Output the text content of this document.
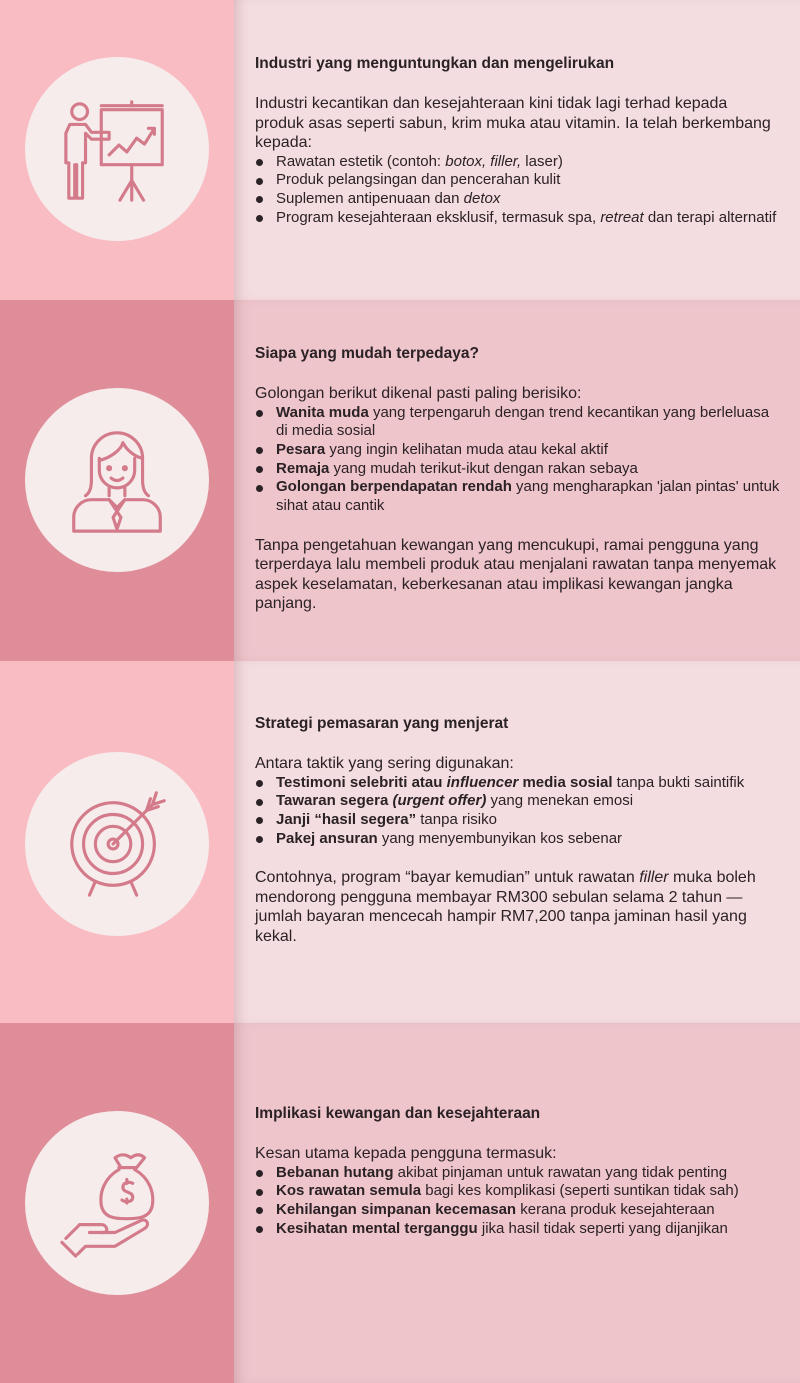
Industri yang menguntungkan dan mengelirukan
Industri kecantikan dan kesejahteraan kini tidak lagi terhad kepada produk asas seperti sabun, krim muka atau vitamin. Ia telah berkembang kepada:
Rawatan estetik (contoh: botox, filler, laser)
Produk pelangsingan dan pencerahan kulit
Suplemen antipenuaan dan detox
Program kesejahteraan eksklusif, termasuk spa, retreat dan terapi alternatif
Siapa yang mudah terpedaya?
Golongan berikut dikenal pasti paling berisiko:
Wanita muda yang terpengaruh dengan trend kecantikan yang berleluasa di media sosial
Pesara yang ingin kelihatan muda atau kekal aktif
Remaja yang mudah terikut-ikut dengan rakan sebaya
Golongan berpendapatan rendah yang mengharapkan 'jalan pintas' untuk sihat atau cantik
Tanpa pengetahuan kewangan yang mencukupi, ramai pengguna yang terperdaya lalu membeli produk atau menjalani rawatan tanpa menyemak aspek keselamatan, keberkesanan atau implikasi kewangan jangka panjang.
Strategi pemasaran yang menjerat
Antara taktik yang sering digunakan:
Testimoni selebriti atau influencer media sosial tanpa bukti saintifik
Tawaran segera (urgent offer) yang menekan emosi
Janji “hasil segera” tanpa risiko
Pakej ansuran yang menyembunyikan kos sebenar
Contohnya, program “bayar kemudian” untuk rawatan filler muka boleh mendorong pengguna membayar RM300 sebulan selama 2 tahun — jumlah bayaran mencecah hampir RM7,200 tanpa jaminan hasil yang kekal.
Implikasi kewangan dan kesejahteraan
Kesan utama kepada pengguna termasuk:
Bebanan hutang akibat pinjaman untuk rawatan yang tidak penting
Kos rawatan semula bagi kes komplikasi (seperti suntikan tidak sah)
Kehilangan simpanan kecemasan kerana produk kesejahteraan
Kesihatan mental terganggu jika hasil tidak seperti yang dijanjikan
